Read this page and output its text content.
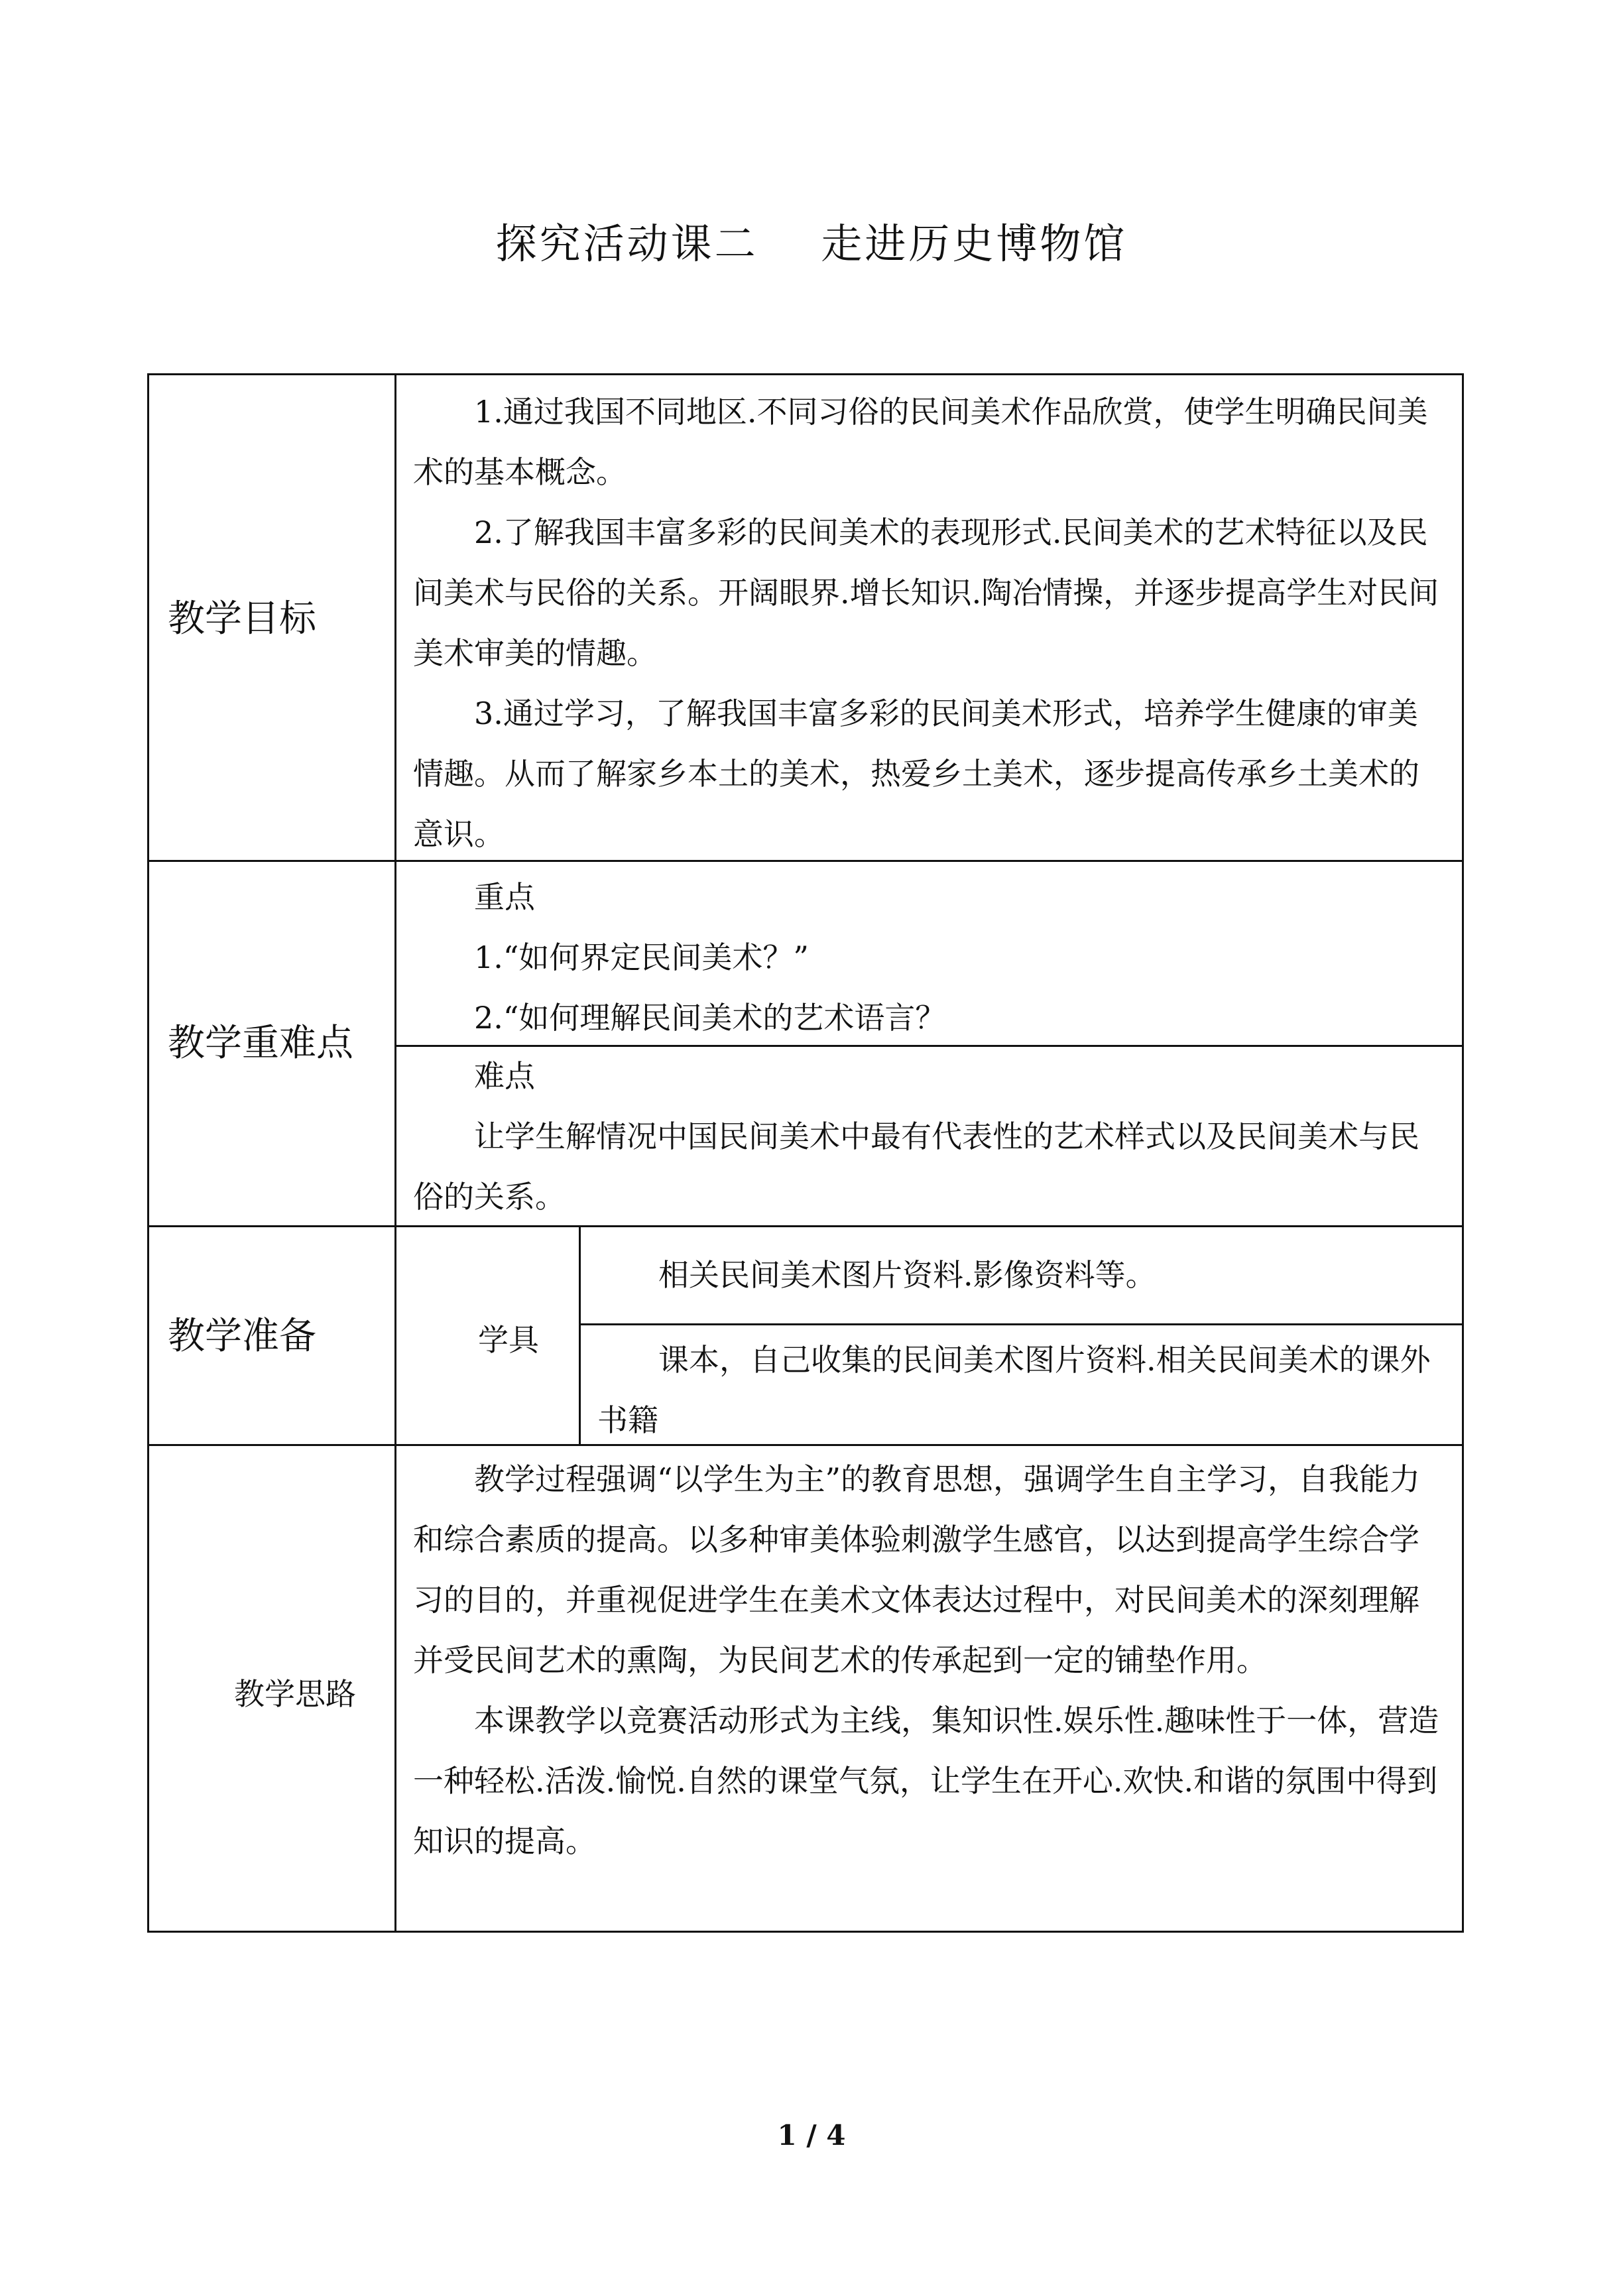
探究活动课二    走进历史博物馆
教学目标

1.通过我国不同地区.不同习俗的民间美术作品欣赏，使学生明确民间美术的基本概念。

2.了解我国丰富多彩的民间美术的表现形式.民间美术的艺术特征以及民间美术与民俗的关系。开阔眼界.增长知识.陶冶情操，并逐步提高学生对民间美术审美的情趣。

3.通过学习，了解我国丰富多彩的民间美术形式，培养学生健康的审美情趣。从而了解家乡本土的美术，热爱乡土美术，逐步提高传承乡土美术的意识。

教学重难点

重点

1.“如何界定民间美术？”

2.“如何理解民间美术的艺术语言？

难点

让学生解情况中国民间美术中最有代表性的艺术样式以及民间美术与民俗的关系。

教学准备	学具

相关民间美术图片资料.影像资料等。

课本，自己收集的民间美术图片资料.相关民间美术的课外书籍

教学思路

教学过程强调“以学生为主”的教育思想，强调学生自主学习，自我能力和综合素质的提高。以多种审美体验刺激学生感官，以达到提高学生综合学习的目的，并重视促进学生在美术文体表达过程中，对民间美术的深刻理解并受民间艺术的熏陶，为民间艺术的传承起到一定的铺垫作用。

本课教学以竞赛活动形式为主线，集知识性.娱乐性.趣味性于一体，营造一种轻松.活泼.愉悦.自然的课堂气氛，让学生在开心.欢快.和谐的氛围中得到知识的提高。

1 / 4
